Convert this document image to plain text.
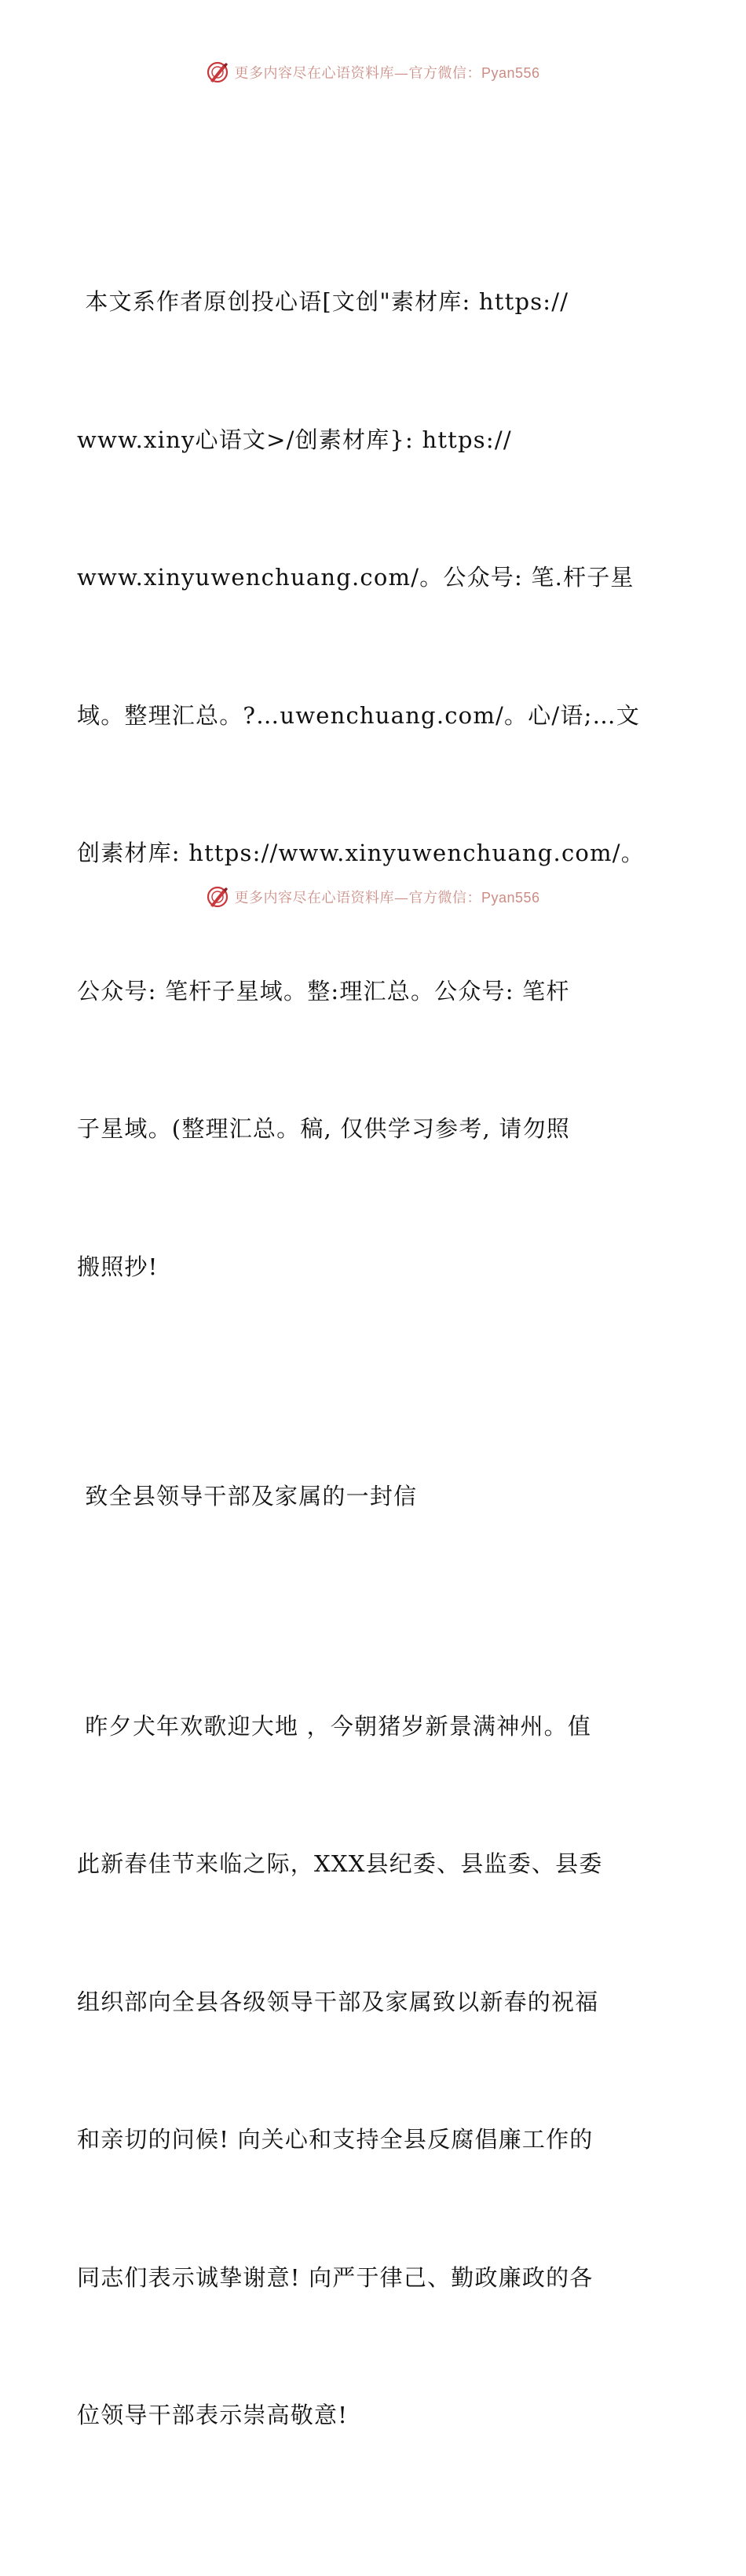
更多内容尽在心语资料库—官方微信：Pyan556

本文系作者原创投心语[文创"素材库: https://

www.xiny心语文>/创素材库}: https://

www.xinyuwenchuang.com/。公众号: 笔.杆子星

域。整理汇总。?…uwenchuang.com/。心/语;…文

创素材库: https://www.xinyuwenchuang.com/。

公众号: 笔杆子星域。整:理汇总。公众号: 笔杆

子星域。(整理汇总。稿, 仅供学习参考, 请勿照

搬照抄!

致全县领导干部及家属的一封信

昨夕犬年欢歌迎大地 ，今朝猪岁新景满神州。值

此新春佳节来临之际，XXX县纪委、县监委、县委

组织部向全县各级领导干部及家属致以新春的祝福

和亲切的问候! 向关心和支持全县反腐倡廉工作的

同志们表示诚挚谢意! 向严于律己、勤政廉政的各

位领导干部表示崇高敬意!

更多内容尽在心语资料库—官方微信：Pyan556
